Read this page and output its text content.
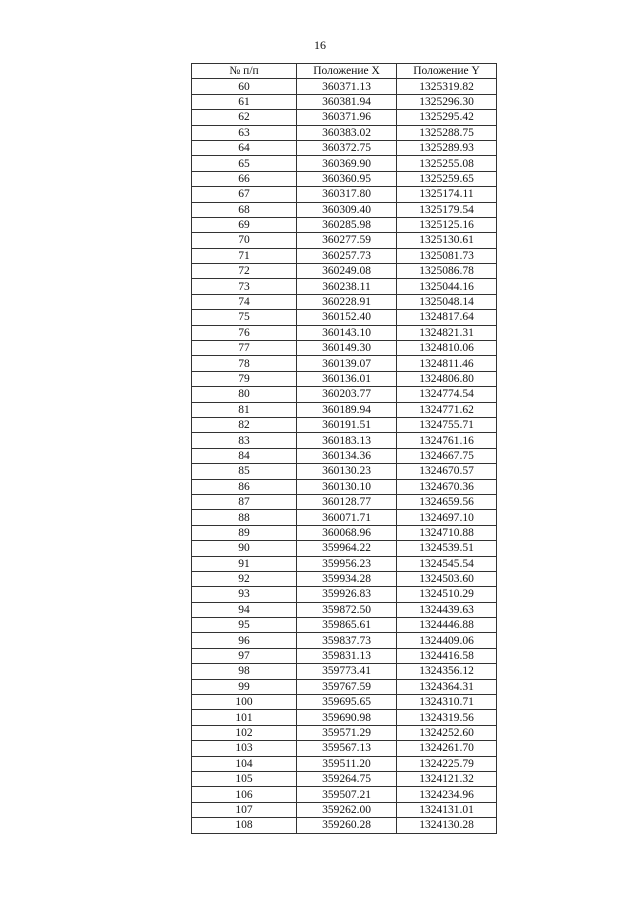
16
№ п/п	Положение X	Положение Y
60	360371.13	1325319.82
61	360381.94	1325296.30
62	360371.96	1325295.42
63	360383.02	1325288.75
64	360372.75	1325289.93
65	360369.90	1325255.08
66	360360.95	1325259.65
67	360317.80	1325174.11
68	360309.40	1325179.54
69	360285.98	1325125.16
70	360277.59	1325130.61
71	360257.73	1325081.73
72	360249.08	1325086.78
73	360238.11	1325044.16
74	360228.91	1325048.14
75	360152.40	1324817.64
76	360143.10	1324821.31
77	360149.30	1324810.06
78	360139.07	1324811.46
79	360136.01	1324806.80
80	360203.77	1324774.54
81	360189.94	1324771.62
82	360191.51	1324755.71
83	360183.13	1324761.16
84	360134.36	1324667.75
85	360130.23	1324670.57
86	360130.10	1324670.36
87	360128.77	1324659.56
88	360071.71	1324697.10
89	360068.96	1324710.88
90	359964.22	1324539.51
91	359956.23	1324545.54
92	359934.28	1324503.60
93	359926.83	1324510.29
94	359872.50	1324439.63
95	359865.61	1324446.88
96	359837.73	1324409.06
97	359831.13	1324416.58
98	359773.41	1324356.12
99	359767.59	1324364.31
100	359695.65	1324310.71
101	359690.98	1324319.56
102	359571.29	1324252.60
103	359567.13	1324261.70
104	359511.20	1324225.79
105	359264.75	1324121.32
106	359507.21	1324234.96
107	359262.00	1324131.01
108	359260.28	1324130.28
